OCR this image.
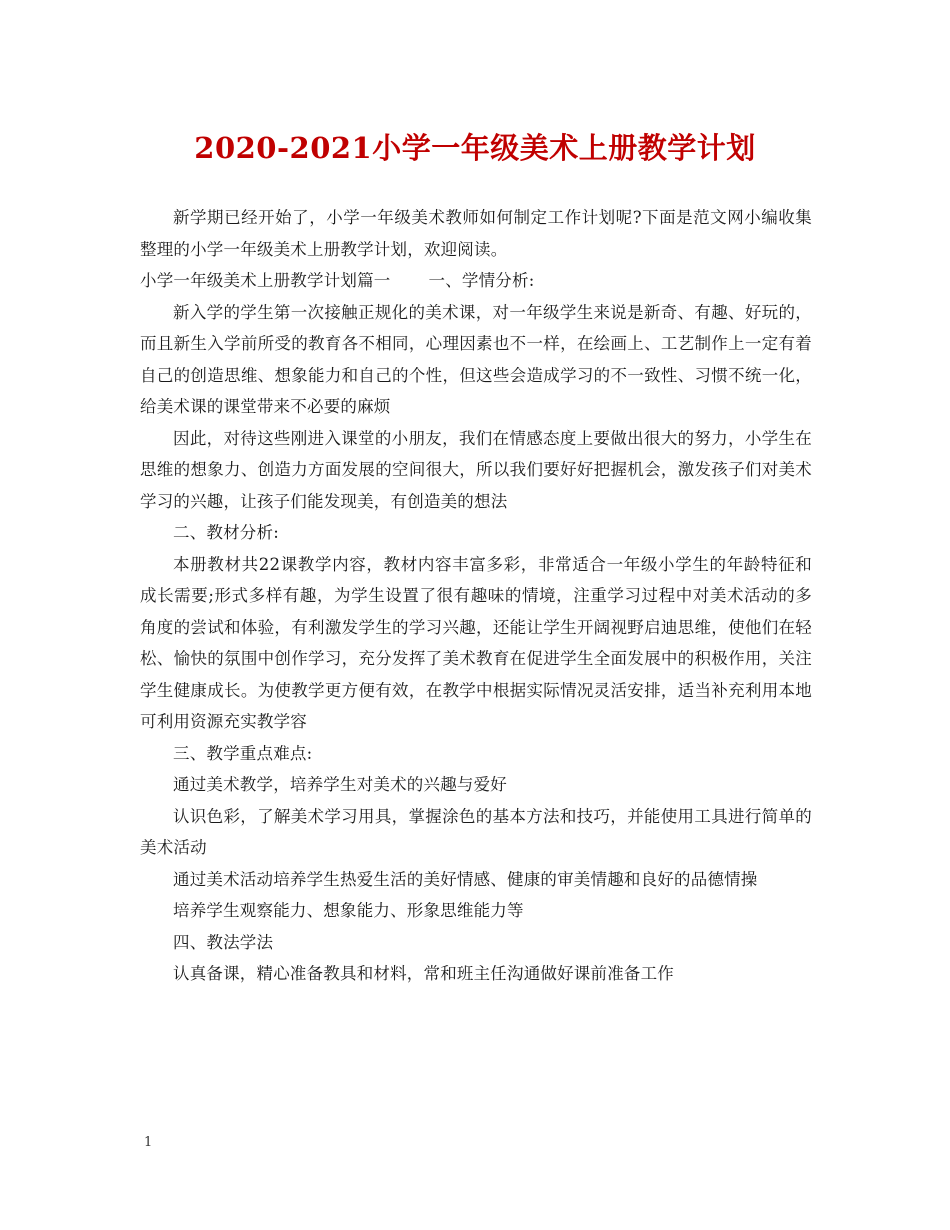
2020-2021小学一年级美术上册教学计划

新学期已经开始了，小学一年级美术教师如何制定工作计划呢?下面是范文网小编收集整理的小学一年级美术上册教学计划，欢迎阅读。

小学一年级美术上册教学计划篇一 一、学情分析:

新入学的学生第一次接触正规化的美术课，对一年级学生来说是新奇、有趣、好玩的，而且新生入学前所受的教育各不相同，心理因素也不一样，在绘画上、工艺制作上一定有着自己的创造思维、想象能力和自己的个性，但这些会造成学习的不一致性、习惯不统一化，给美术课的课堂带来不必要的麻烦

因此，对待这些刚进入课堂的小朋友，我们在情感态度上要做出很大的努力，小学生在思维的想象力、创造力方面发展的空间很大，所以我们要好好把握机会，激发孩子们对美术学习的兴趣，让孩子们能发现美，有创造美的想法

二、教材分析:

本册教材共22课教学内容，教材内容丰富多彩，非常适合一年级小学生的年龄特征和成长需要;形式多样有趣，为学生设置了很有趣味的情境，注重学习过程中对美术活动的多角度的尝试和体验，有利激发学生的学习兴趣，还能让学生开阔视野启迪思维，使他们在轻松、愉快的氛围中创作学习，充分发挥了美术教育在促进学生全面发展中的积极作用，关注学生健康成长。为使教学更方便有效，在教学中根据实际情况灵活安排，适当补充利用本地可利用资源充实教学容

三、教学重点难点:

通过美术教学，培养学生对美术的兴趣与爱好

认识色彩，了解美术学习用具，掌握涂色的基本方法和技巧，并能使用工具进行简单的美术活动

通过美术活动培养学生热爱生活的美好情感、健康的审美情趣和良好的品德情操

培养学生观察能力、想象能力、形象思维能力等

四、教法学法

认真备课，精心准备教具和材料，常和班主任沟通做好课前准备工作

1
